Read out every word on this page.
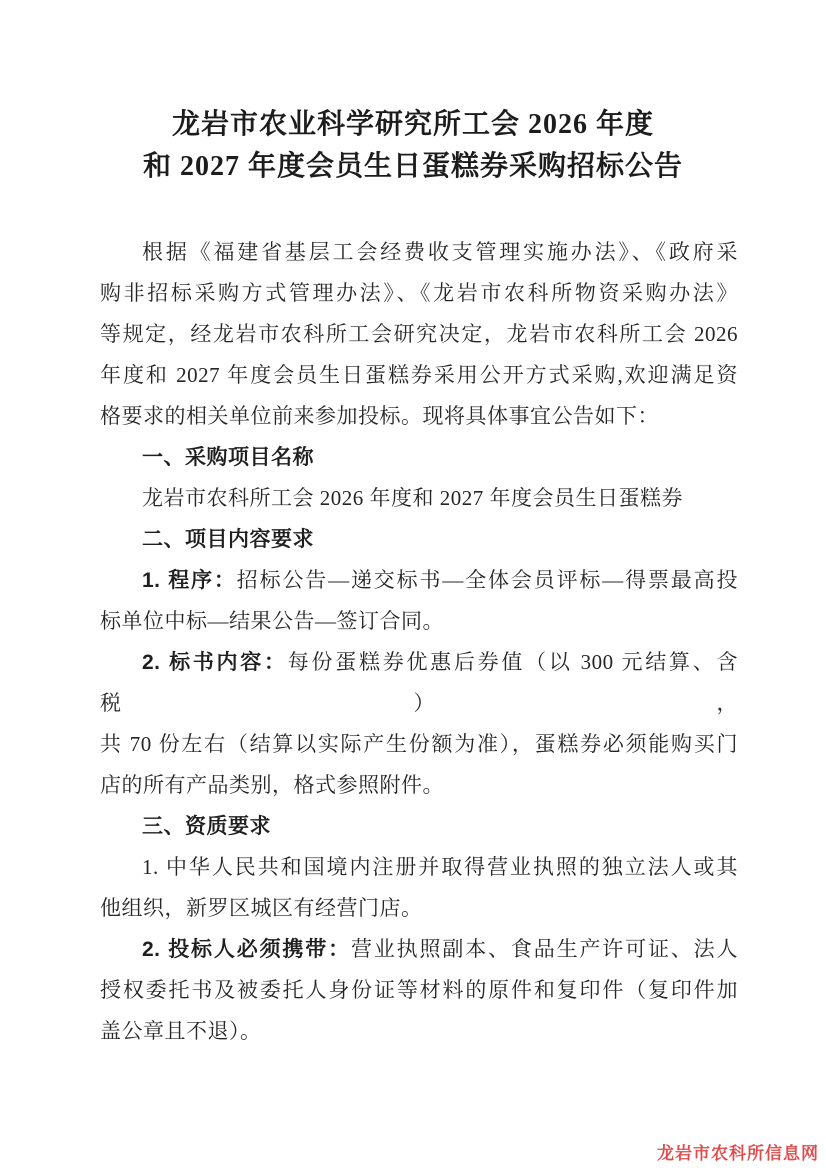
龙岩市农业科学研究所工会 2026 年度
和 2027 年度会员生日蛋糕券采购招标公告
根据《福建省基层工会经费收支管理实施办法》、《政府采
购非招标采购方式管理办法》、《龙岩市农科所物资采购办法》
等规定，经龙岩市农科所工会研究决定，龙岩市农科所工会 2026
年度和 2027 年度会员生日蛋糕券采用公开方式采购,欢迎满足资
格要求的相关单位前来参加投标。现将具体事宜公告如下：
一、采购项目名称
龙岩市农科所工会 2026 年度和 2027 年度会员生日蛋糕券
二、项目内容要求
1. 程序：招标公告—递交标书—全体会员评标—得票最高投
标单位中标—结果公告—签订合同。
2. 标书内容：每份蛋糕券优惠后券值（以 300 元结算、含税），
共 70 份左右（结算以实际产生份额为准），蛋糕券必须能购买门
店的所有产品类别，格式参照附件。
三、资质要求
1. 中华人民共和国境内注册并取得营业执照的独立法人或其
他组织，新罗区城区有经营门店。
2. 投标人必须携带：营业执照副本、食品生产许可证、法人
授权委托书及被委托人身份证等材料的原件和复印件（复印件加
盖公章且不退）。
龙岩市农科所信息网
